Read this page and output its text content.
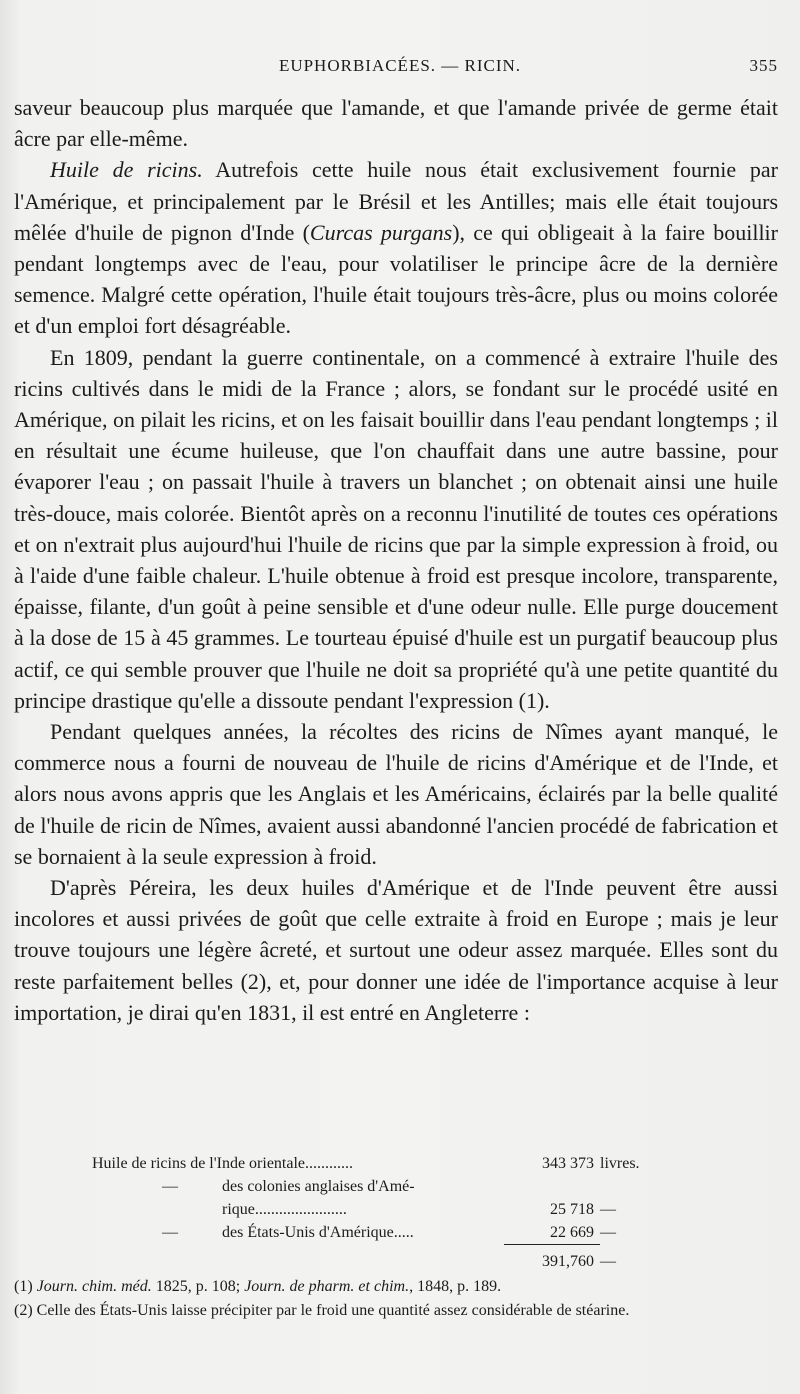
EUPHORBIACÉES. — RICIN.	355

saveur beaucoup plus marquée que l'amande, et que l'amande privée de germe était âcre par elle-même.

Huile de ricins. Autrefois cette huile nous était exclusivement fournie par l'Amérique, et principalement par le Brésil et les Antilles; mais elle était toujours mêlée d'huile de pignon d'Inde (Curcas purgans), ce qui obligeait à la faire bouillir pendant longtemps avec de l'eau, pour volatiliser le principe âcre de la dernière semence. Malgré cette opération, l'huile était toujours très-âcre, plus ou moins colorée et d'un emploi fort désagréable.

En 1809, pendant la guerre continentale, on a commencé à extraire l'huile des ricins cultivés dans le midi de la France ; alors, se fondant sur le procédé usité en Amérique, on pilait les ricins, et on les faisait bouillir dans l'eau pendant longtemps ; il en résultait une écume huileuse, que l'on chauffait dans une autre bassine, pour évaporer l'eau ; on passait l'huile à travers un blanchet ; on obtenait ainsi une huile très-douce, mais colorée. Bientôt après on a reconnu l'inutilité de toutes ces opérations et on n'extrait plus aujourd'hui l'huile de ricins que par la simple expression à froid, ou à l'aide d'une faible chaleur. L'huile obtenue à froid est presque incolore, transparente, épaisse, filante, d'un goût à peine sensible et d'une odeur nulle. Elle purge doucement à la dose de 15 à 45 grammes. Le tourteau épuisé d'huile est un purgatif beaucoup plus actif, ce qui semble prouver que l'huile ne doit sa propriété qu'à une petite quantité du principe drastique qu'elle a dissoute pendant l'expression (1).

Pendant quelques années, la récoltes des ricins de Nîmes ayant manqué, le commerce nous a fourni de nouveau de l'huile de ricins d'Amérique et de l'Inde, et alors nous avons appris que les Anglais et les Américains, éclairés par la belle qualité de l'huile de ricin de Nîmes, avaient aussi abandonné l'ancien procédé de fabrication et se bornaient à la seule expression à froid.

D'après Péreira, les deux huiles d'Amérique et de l'Inde peuvent être aussi incolores et aussi privées de goût que celle extraite à froid en Europe ; mais je leur trouve toujours une légère âcreté, et surtout une odeur assez marquée. Elles sont du reste parfaitement belles (2), et, pour donner une idée de l'importance acquise à leur importation, je dirai qu'en 1831, il est entré en Angleterre :

Huile de ricins de l'Inde orientale............	343 373 livres.
—	des colonies anglaises d'Amé-
rique.......................	25 718 —
—	des États-Unis d'Amérique.....	22 669 —
391,760 —

(1) Journ. chim. méd. 1825, p. 108; Journ. de pharm. et chim., 1848, p. 189.

(2) Celle des États-Unis laisse précipiter par le froid une quantité assez considérable de stéarine.
